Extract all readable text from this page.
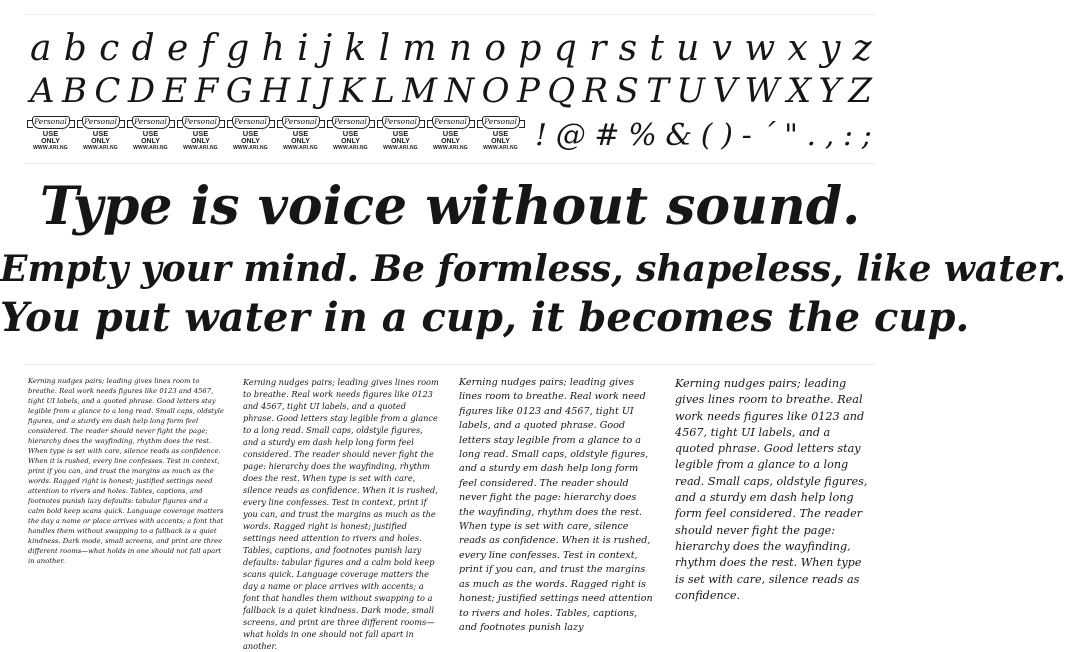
a b c d e f g h i j k l m n o p q r s t u v w x y z
A B C D E F G H I J K L M N O P Q R S T U V W X Y Z
Personal
USE
ONLY
WWW.ARI.NG
Personal
USE
ONLY
WWW.ARI.NG
Personal
USE
ONLY
WWW.ARI.NG
Personal
USE
ONLY
WWW.ARI.NG
Personal
USE
ONLY
WWW.ARI.NG
Personal
USE
ONLY
WWW.ARI.NG
Personal
USE
ONLY
WWW.ARI.NG
Personal
USE
ONLY
WWW.ARI.NG
Personal
USE
ONLY
WWW.ARI.NG
Personal
USE
ONLY
WWW.ARI.NG ! @ # % & ( ) - ´ " . , : ;
Type is voice without sound.
Empty your mind. Be formless, shapeless, like water.
You put water in a cup, it becomes the cup.
Kerning nudges pairs; leading gives lines room to breathe. Real work needs figures like 0123 and 4567, tight UI labels, and a quoted phrase. Good letters stay legible from a glance to a long read. Small caps, oldstyle figures, and a sturdy em dash help long form feel considered. The reader should never fight the page; hierarchy does the wayfinding, rhythm does the rest. When type is set with care, silence reads as confidence. When it is rushed, every line confesses. Test in context, print if you can, and trust the margins as much as the words. Ragged right is honest; justified settings need attention to rivers and holes. Tables, captions, and footnotes punish lazy defaults: tabular figures and a calm bold keep scans quick. Language coverage matters the day a name or place arrives with accents; a font that handles them without swapping to a fallback is a quiet kindness. Dark mode, small screens, and print are three different rooms—what holds in one should not fall apart in another.
Kerning nudges pairs; leading gives lines room to breathe. Real work needs figures like 0123 and 4567, tight UI labels, and a quoted phrase. Good letters stay legible from a glance to a long read. Small caps, oldstyle figures, and a sturdy em dash help long form feel considered. The reader should never fight the page: hierarchy does the wayfinding, rhythm does the rest. When type is set with care, silence reads as confidence. When it is rushed, every line confesses. Test in context, print if you can, and trust the margins as much as the words. Ragged right is honest; justified settings need attention to rivers and holes. Tables, captions, and footnotes punish lazy defaults: tabular figures and a calm bold keep scans quick. Language coverage matters the day a name or place arrives with accents; a font that handles them without swapping to a fallback is a quiet kindness. Dark mode, small screens, and print are three different rooms—what holds in one should not fall apart in another.
Kerning nudges pairs; leading gives lines room to breathe. Real work need figures like 0123 and 4567, tight UI labels, and a quoted phrase. Good letters stay legible from a glance to a long read. Small caps, oldstyle figures, and a sturdy em dash help long form feel considered. The reader should never fight the page: hierarchy does the wayfinding, rhythm does the rest. When type is set with care, silence reads as confidence. When it is rushed, every line confesses. Test in context, print if you can, and trust the margins as much as the words. Ragged right is honest; justified settings need attention to rivers and holes. Tables, captions, and footnotes punish lazy
Kerning nudges pairs; leading gives lines room to breathe. Real work needs figures like 0123 and 4567, tight UI labels, and a quoted phrase. Good letters stay legible from a glance to a long read. Small caps, oldstyle figures, and a sturdy em dash help long form feel considered. The reader should never fight the page: hierarchy does the wayfinding, rhythm does the rest. When type is set with care, silence reads as confidence.
